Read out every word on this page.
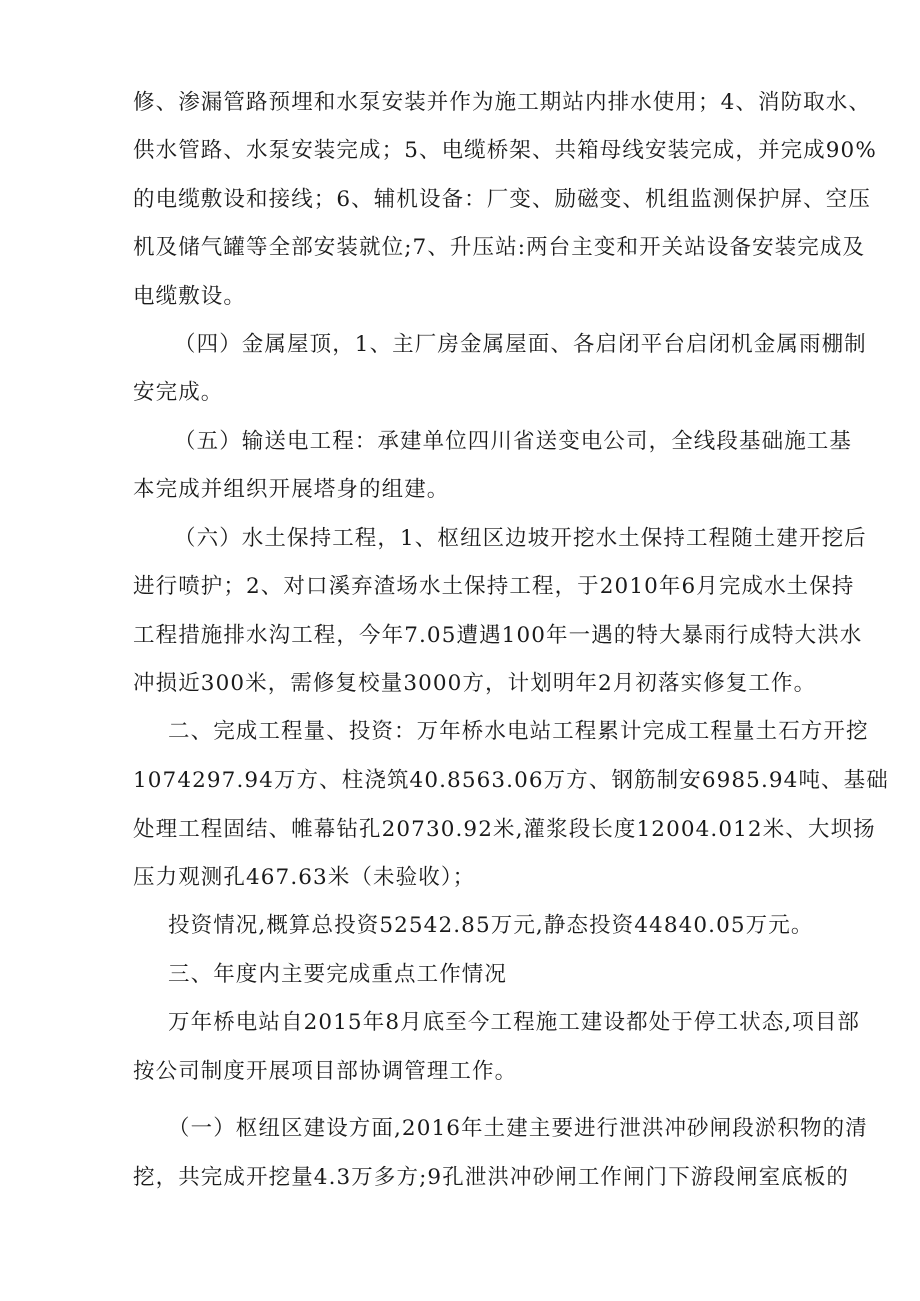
修、渗漏管路预埋和水泵安装并作为施工期站内排水使用；4、消防取水、
供水管路、水泵安装完成；5、电缆桥架、共箱母线安装完成，并完成90%
的电缆敷设和接线；6、辅机设备：厂变、励磁变、机组监测保护屏、空压
机及储气罐等全部安装就位;7、升压站:两台主变和开关站设备安装完成及
电缆敷设。
（四）金属屋顶，1、主厂房金属屋面、各启闭平台启闭机金属雨棚制
安完成。
（五）输送电工程：承建单位四川省送变电公司，全线段基础施工基
本完成并组织开展塔身的组建。
（六）水土保持工程，1、枢纽区边坡开挖水土保持工程随土建开挖后
进行喷护；2、对口溪弃渣场水土保持工程，于2010年6月完成水土保持
工程措施排水沟工程，今年7.05遭遇100年一遇的特大暴雨行成特大洪水
冲损近300米，需修复校量3000方，计划明年2月初落实修复工作。
二、完成工程量、投资：万年桥水电站工程累计完成工程量土石方开挖
1074297.94万方、柱浇筑40.8563.06万方、钢筋制安6985.94吨、基础
处理工程固结、帷幕钻孔20730.92米,灌浆段长度12004.012米、大坝扬
压力观测孔467.63米（未验收）；
投资情况,概算总投资52542.85万元,静态投资44840.05万元。
三、年度内主要完成重点工作情况
万年桥电站自2015年8月底至今工程施工建设都处于停工状态,项目部
按公司制度开展项目部协调管理工作。
（一）枢纽区建设方面,2016年土建主要进行泄洪冲砂闸段淤积物的清
挖，共完成开挖量4.3万多方;9孔泄洪冲砂闸工作闸门下游段闸室底板的
